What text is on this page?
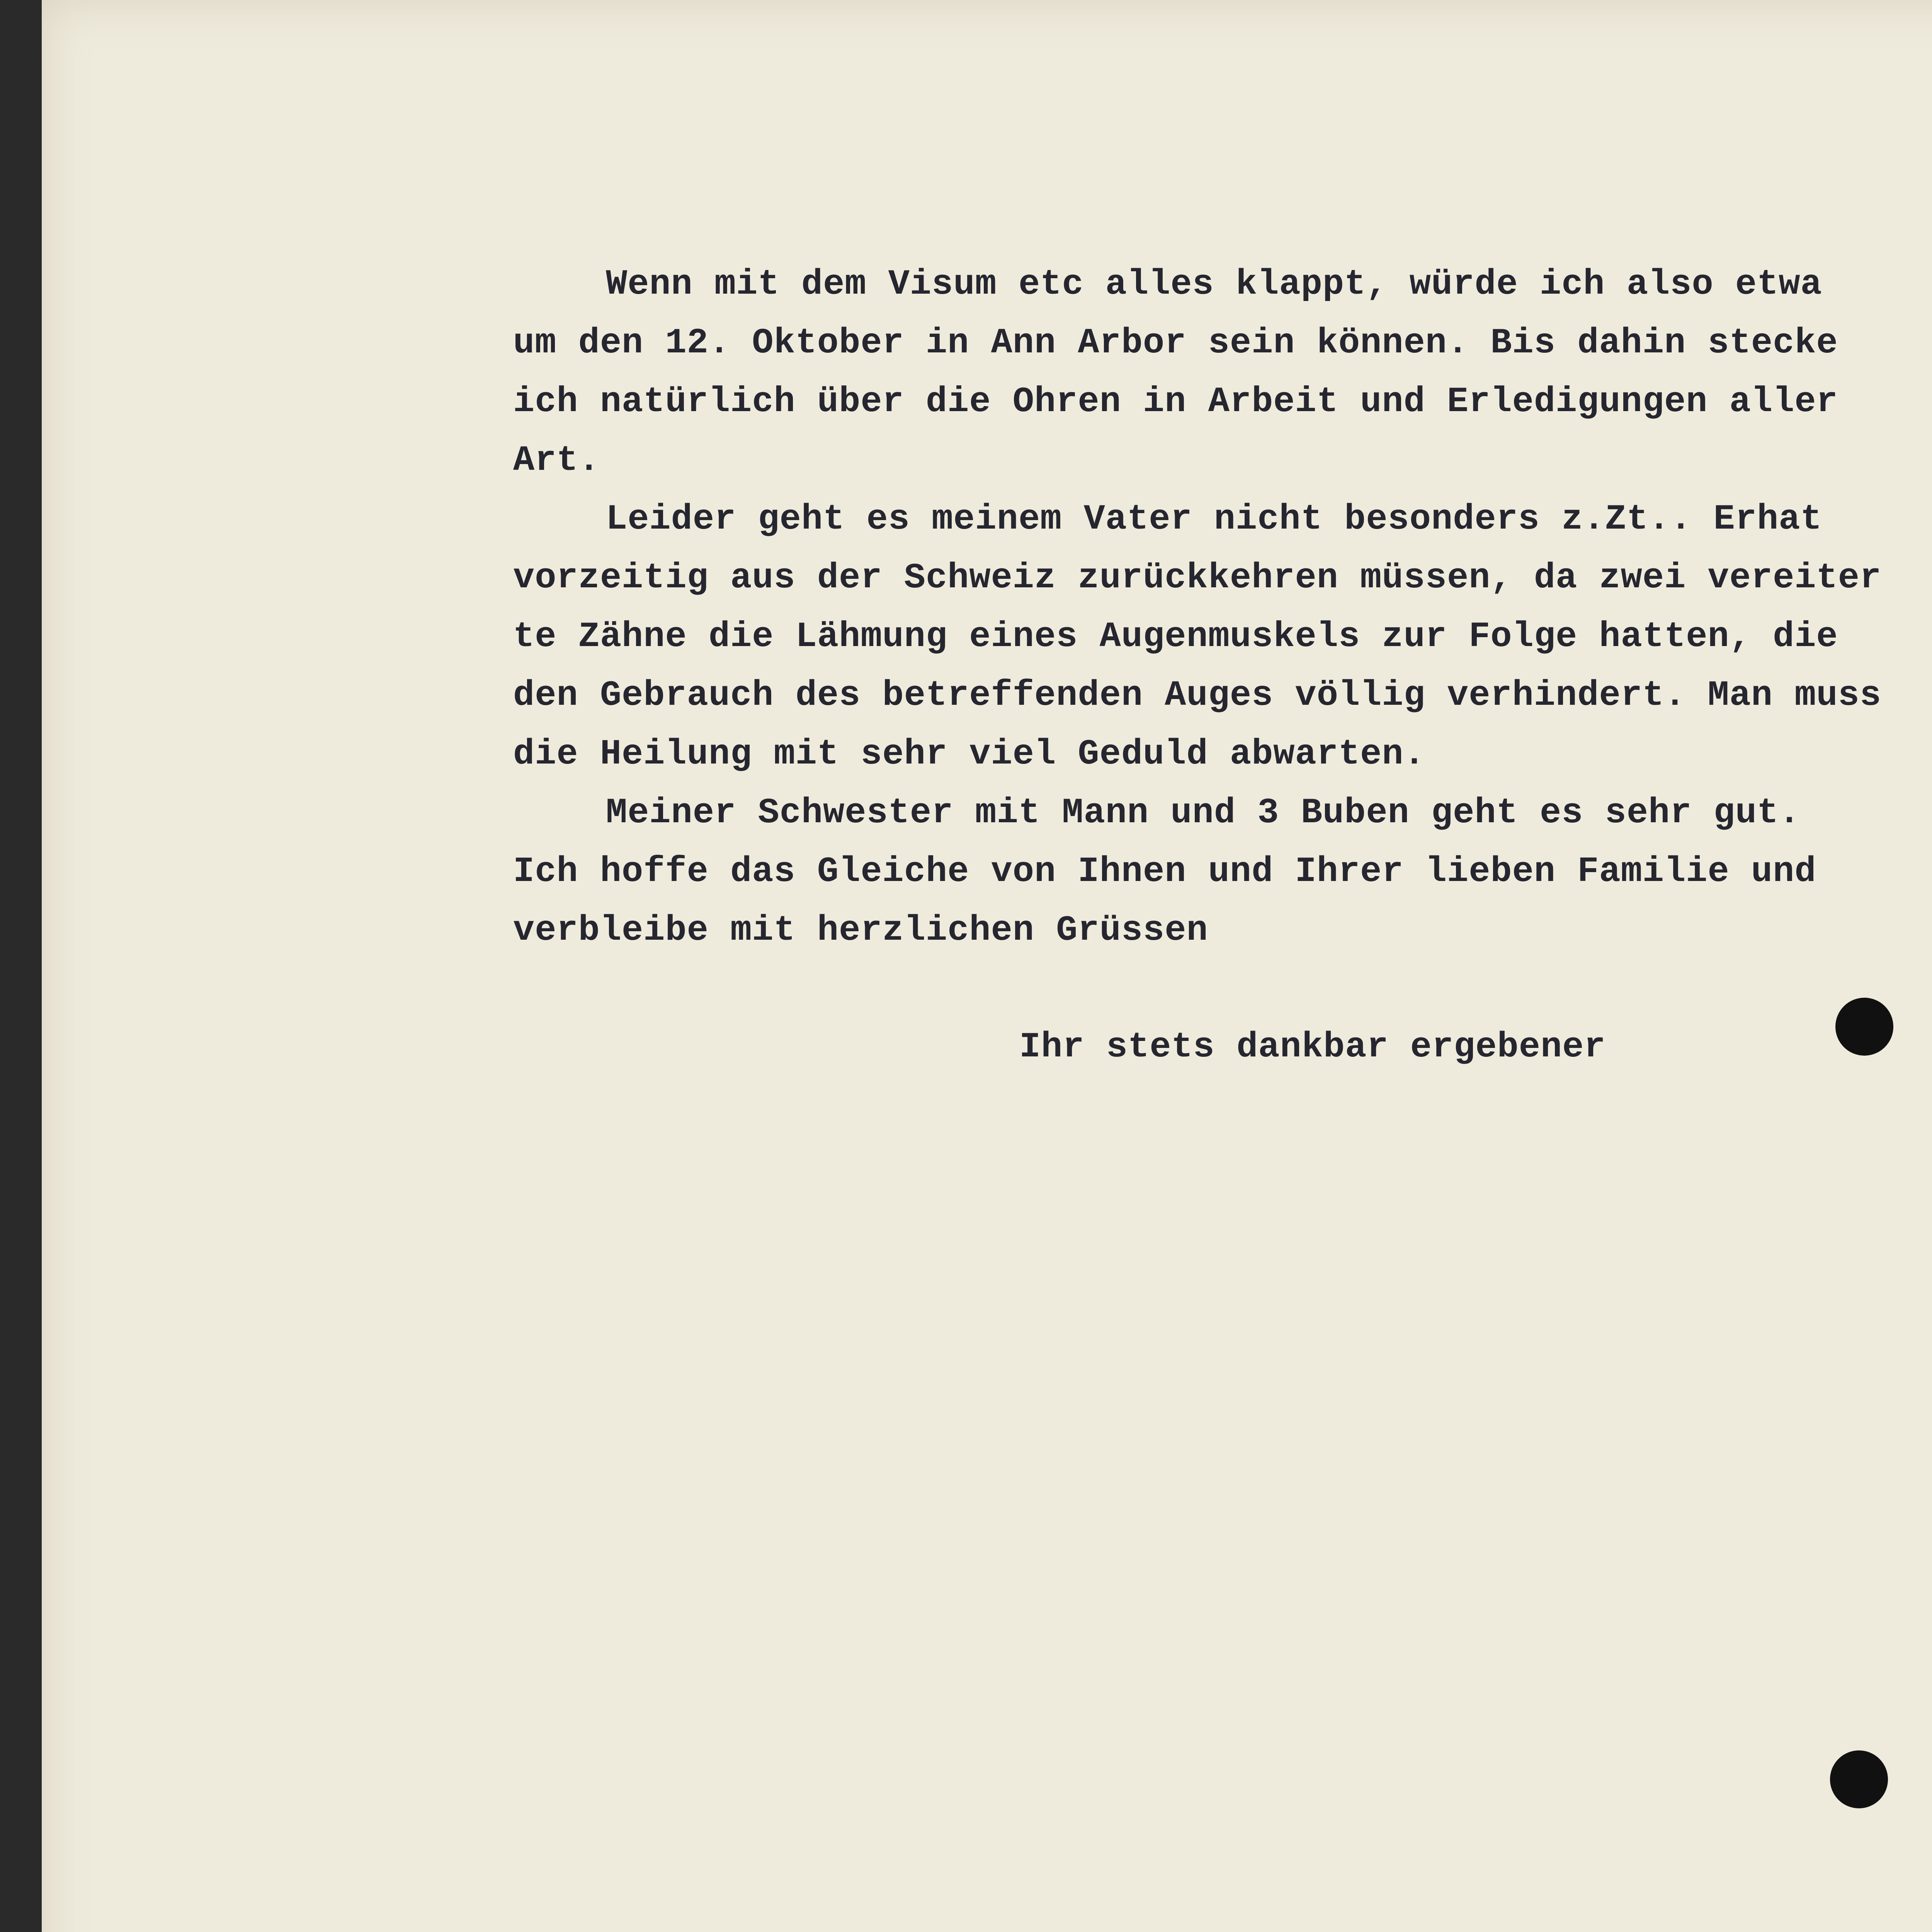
Wenn mit dem Visum etc alles klappt, würde ich also etwa
um den 12. Oktober in Ann Arbor sein können. Bis dahin stecke
ich natürlich über die Ohren in Arbeit und Erledigungen aller
Art.
Leider geht es meinem Vater nicht besonders z.Zt.. Erhat
vorzeitig aus der Schweiz zurückkehren müssen, da zwei vereiter
te Zähne die Lähmung eines Augenmuskels zur Folge hatten, die
den Gebrauch des betreffenden Auges völlig verhindert. Man muss
die Heilung mit sehr viel Geduld abwarten.
Meiner Schwester mit Mann und 3 Buben geht es sehr gut.
Ich hoffe das Gleiche von Ihnen und Ihrer lieben Familie und
verbleibe mit herzlichen Grüssen
Ihr stets dankbar ergebener
